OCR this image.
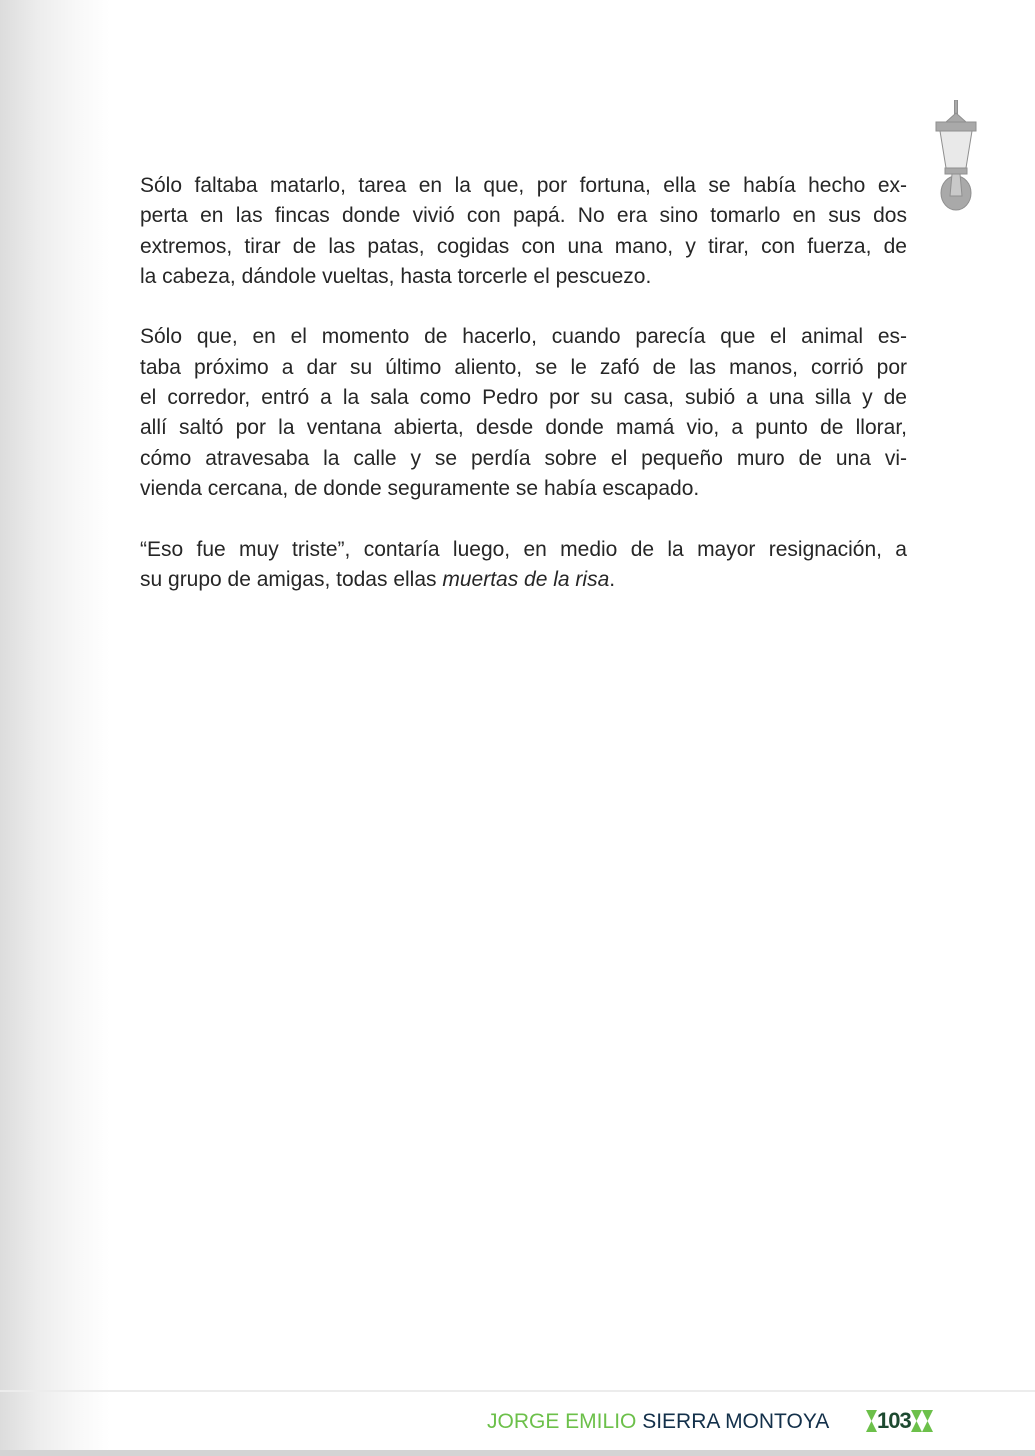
Sólo faltaba matarlo, tarea en la que, por fortuna, ella se había hecho ex-
perta en las fincas donde vivió con papá. No era sino tomarlo en sus dos
extremos, tirar de las patas, cogidas con una mano, y tirar, con fuerza, de
la cabeza, dándole vueltas, hasta torcerle el pescuezo.

Sólo que, en el momento de hacerlo, cuando parecía que el animal es-
taba próximo a dar su último aliento, se le zafó de las manos, corrió por
el corredor, entró a la sala como Pedro por su casa, subió a una silla y de
allí saltó por la ventana abierta, desde donde mamá vio, a punto de llorar,
cómo atravesaba la calle y se perdía sobre el pequeño muro de una vi-
vienda cercana, de donde seguramente se había escapado.

“Eso fue muy triste”, contaría luego, en medio de la mayor resignación, a
su grupo de amigas, todas ellas muertas de la risa.

JORGE EMILIO SIERRA MONTOYA 103
